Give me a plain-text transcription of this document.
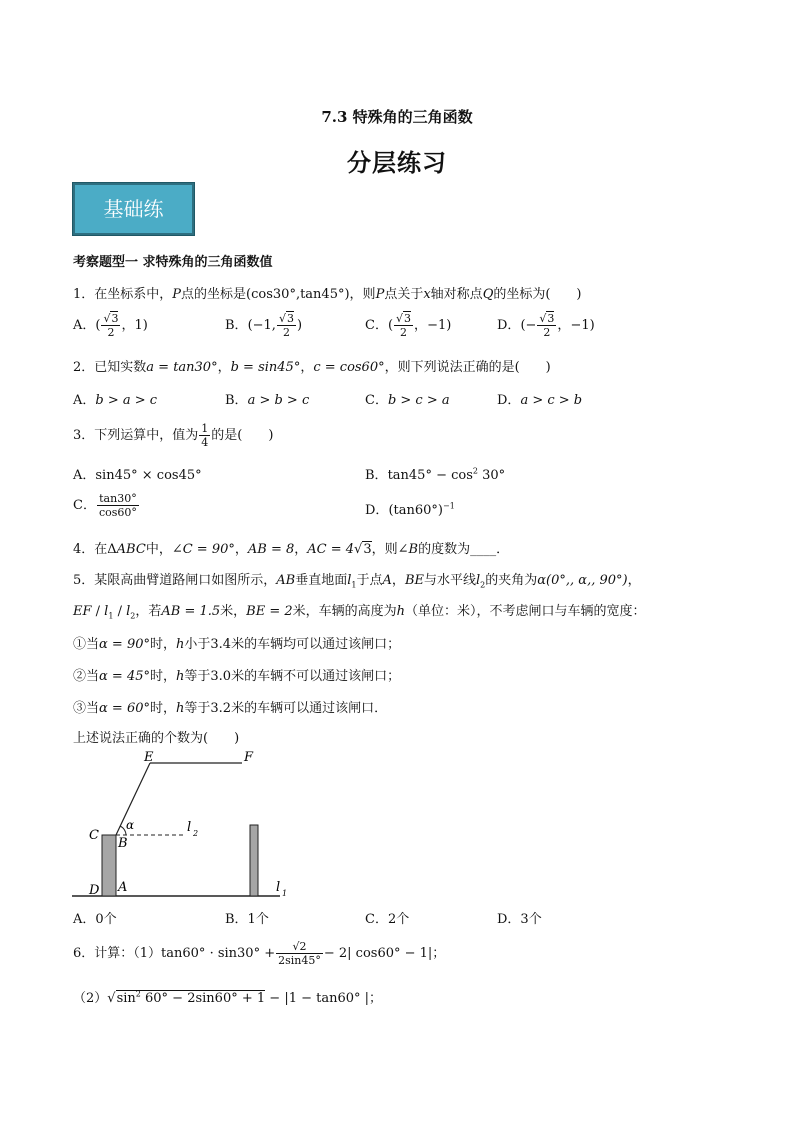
7.3 特殊角的三角函数
分层练习
基础练
考察题型一 求特殊角的三角函数值
1．在坐标系中，P点的坐标是(cos30°,tan45°)，则P点关于x轴对称点Q的坐标为(　　)
A．( $\frac{√3}{2}$ ，1)	B．(−1, $\frac{√3}{2}$ )	C．( $\frac{√3}{2}$ ，−1)	D．(− $\frac{√3}{2}$ ，−1)
2．已知实数a = tan30°，b = sin45°，c = cos60°，则下列说法正确的是(　　)
A．b > a > c	B．a > b > c	C．b > c > a	D．a > c > b
3．下列运算中，值为 $\frac{1}{4}$ 的是(　　)
A．sin45° × cos45°	B．$\tan 45^\circ - \cos^2 30^\circ$
C． $\frac{\tan 30^\circ}{\cos 60^\circ}$	D．$(\tan 60^\circ)^{-1}$
4．在ΔABC中，∠C = 90°，AB = 8，AC = 4√3，则∠B的度数为____．
5．某限高曲臂道路闸口如图所示，AB垂直地面$l_1$于点A，BE与水平线$l_2$的夹角为α(0°,, α,, 90°)，
EF / $l_1 / l_2$，若AB = 1.5米，BE = 2米，车辆的高度为h（单位：米），不考虑闸口与车辆的宽度：
①当α = 90°时，h小于3.4米的车辆均可以通过该闸口；
②当α = 45°时，h等于3.0米的车辆不可以通过该闸口；
③当α = 60°时，h等于3.2米的车辆可以通过该闸口．
上述说法正确的个数为(　　)
E	F
C
B
α	l 2
D A	l 1
A．0个	B．1个	C．2个	D．3个
6．计算：$(1)\tan 60^\circ \cdot \sin 30^\circ + \frac{√2}{2\sin 45^\circ} - 2|$ cos60° − 1|；
$(2)√\sin^2$ 60° − 2sin60° + 1 − |1 − tan60° |；
